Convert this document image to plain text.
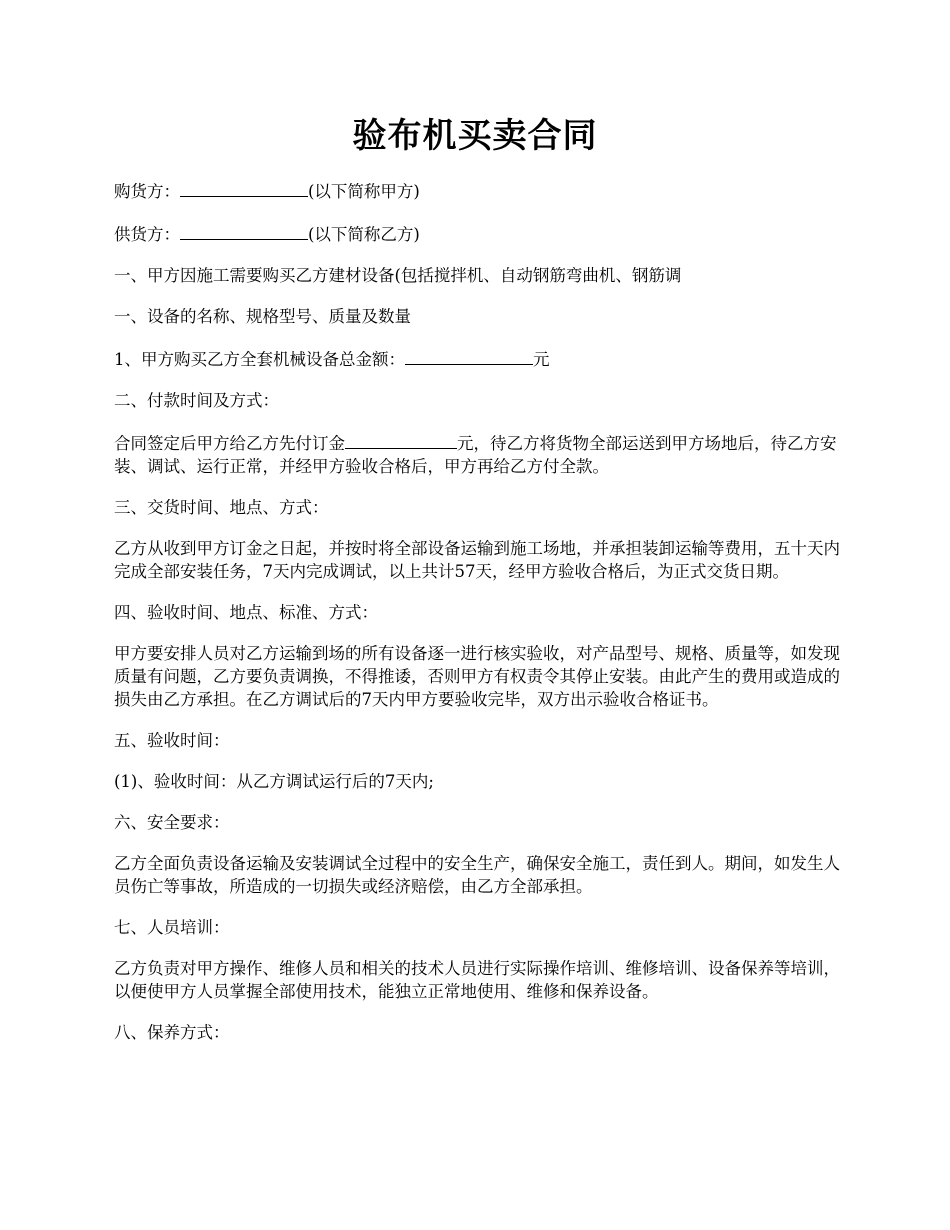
验布机买卖合同

购货方：	(以下简称甲方)

供货方：	(以下简称乙方)

一、甲方因施工需要购买乙方建材设备(包括搅拌机、自动钢筋弯曲机、钢筋调

一、设备的名称、规格型号、质量及数量

1、甲方购买乙方全套机械设备总金额：	元

二、付款时间及方式：

合同签定后甲方给乙方先付订金	元，待乙方将货物全部运送到甲方场地后，待乙方安装、调试、运行正常，并经甲方验收合格后，甲方再给乙方付全款。

三、交货时间、地点、方式：

乙方从收到甲方订金之日起，并按时将全部设备运输到施工场地，并承担装卸运输等费用，五十天内完成全部安装任务，7天内完成调试，以上共计57天，经甲方验收合格后，为正式交货日期。

四、验收时间、地点、标准、方式：

甲方要安排人员对乙方运输到场的所有设备逐一进行核实验收，对产品型号、规格、质量等，如发现质量有问题，乙方要负责调换，不得推诿，否则甲方有权责令其停止安装。由此产生的费用或造成的损失由乙方承担。在乙方调试后的7天内甲方要验收完毕，双方出示验收合格证书。

五、验收时间：

(1)、验收时间：从乙方调试运行后的7天内;

六、安全要求：

乙方全面负责设备运输及安装调试全过程中的安全生产，确保安全施工，责任到人。期间，如发生人员伤亡等事故，所造成的一切损失或经济赔偿，由乙方全部承担。

七、人员培训：

乙方负责对甲方操作、维修人员和相关的技术人员进行实际操作培训、维修培训、设备保养等培训，以便使甲方人员掌握全部使用技术，能独立正常地使用、维修和保养设备。

八、保养方式：
